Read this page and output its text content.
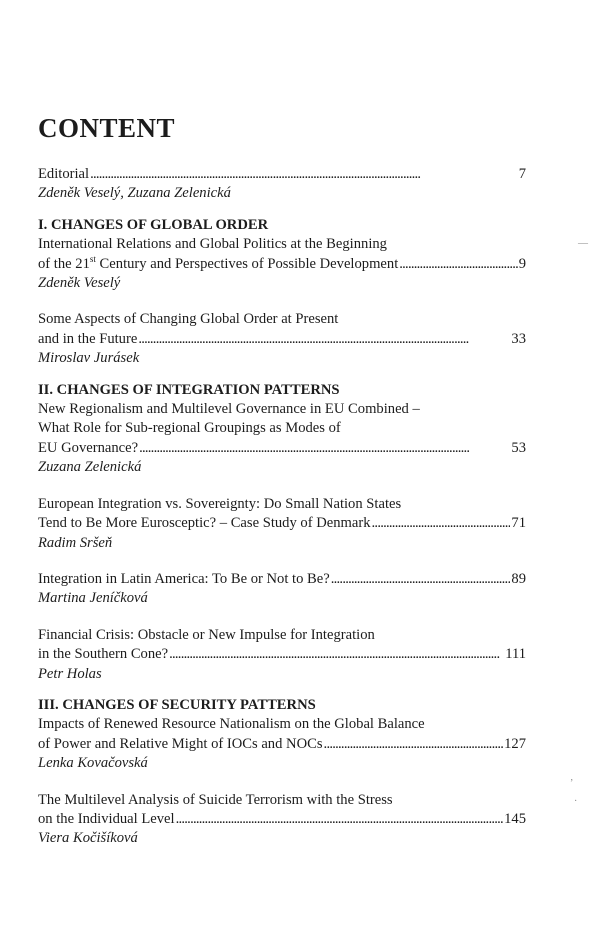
CONTENT
Editorial . . .	7
Zdeněk Veselý, Zuzana Zelenická
I. CHANGES OF GLOBAL ORDER
International Relations and Global Politics at the Beginning
of the 21st Century and Perspectives of Possible Development . . .	9
Zdeněk Veselý
Some Aspects of Changing Global Order at Present
and in the Future . . .	33
Miroslav Jurásek
II. CHANGES OF INTEGRATION PATTERNS
New Regionalism and Multilevel Governance in EU Combined –
What Role for Sub-regional Groupings as Modes of
EU Governance? . . .	53
Zuzana Zelenická
European Integration vs. Sovereignty: Do Small Nation States
Tend to Be More Eurosceptic? – Case Study of Denmark . . .	71
Radim Sršeň
Integration in Latin America: To Be or Not to Be? . . .	89
Martina Jeníčková
Financial Crisis: Obstacle or New Impulse for Integration
in the Southern Cone? . . .	111
Petr Holas
III. CHANGES OF SECURITY PATTERNS
Impacts of Renewed Resource Nationalism on the Global Balance
of Power and Relative Might of IOCs and NOCs . . .	127
Lenka Kovačovská
The Multilevel Analysis of Suicide Terrorism with the Stress
on the Individual Level . . .	145
Viera Kočišíková
—
‚
·
